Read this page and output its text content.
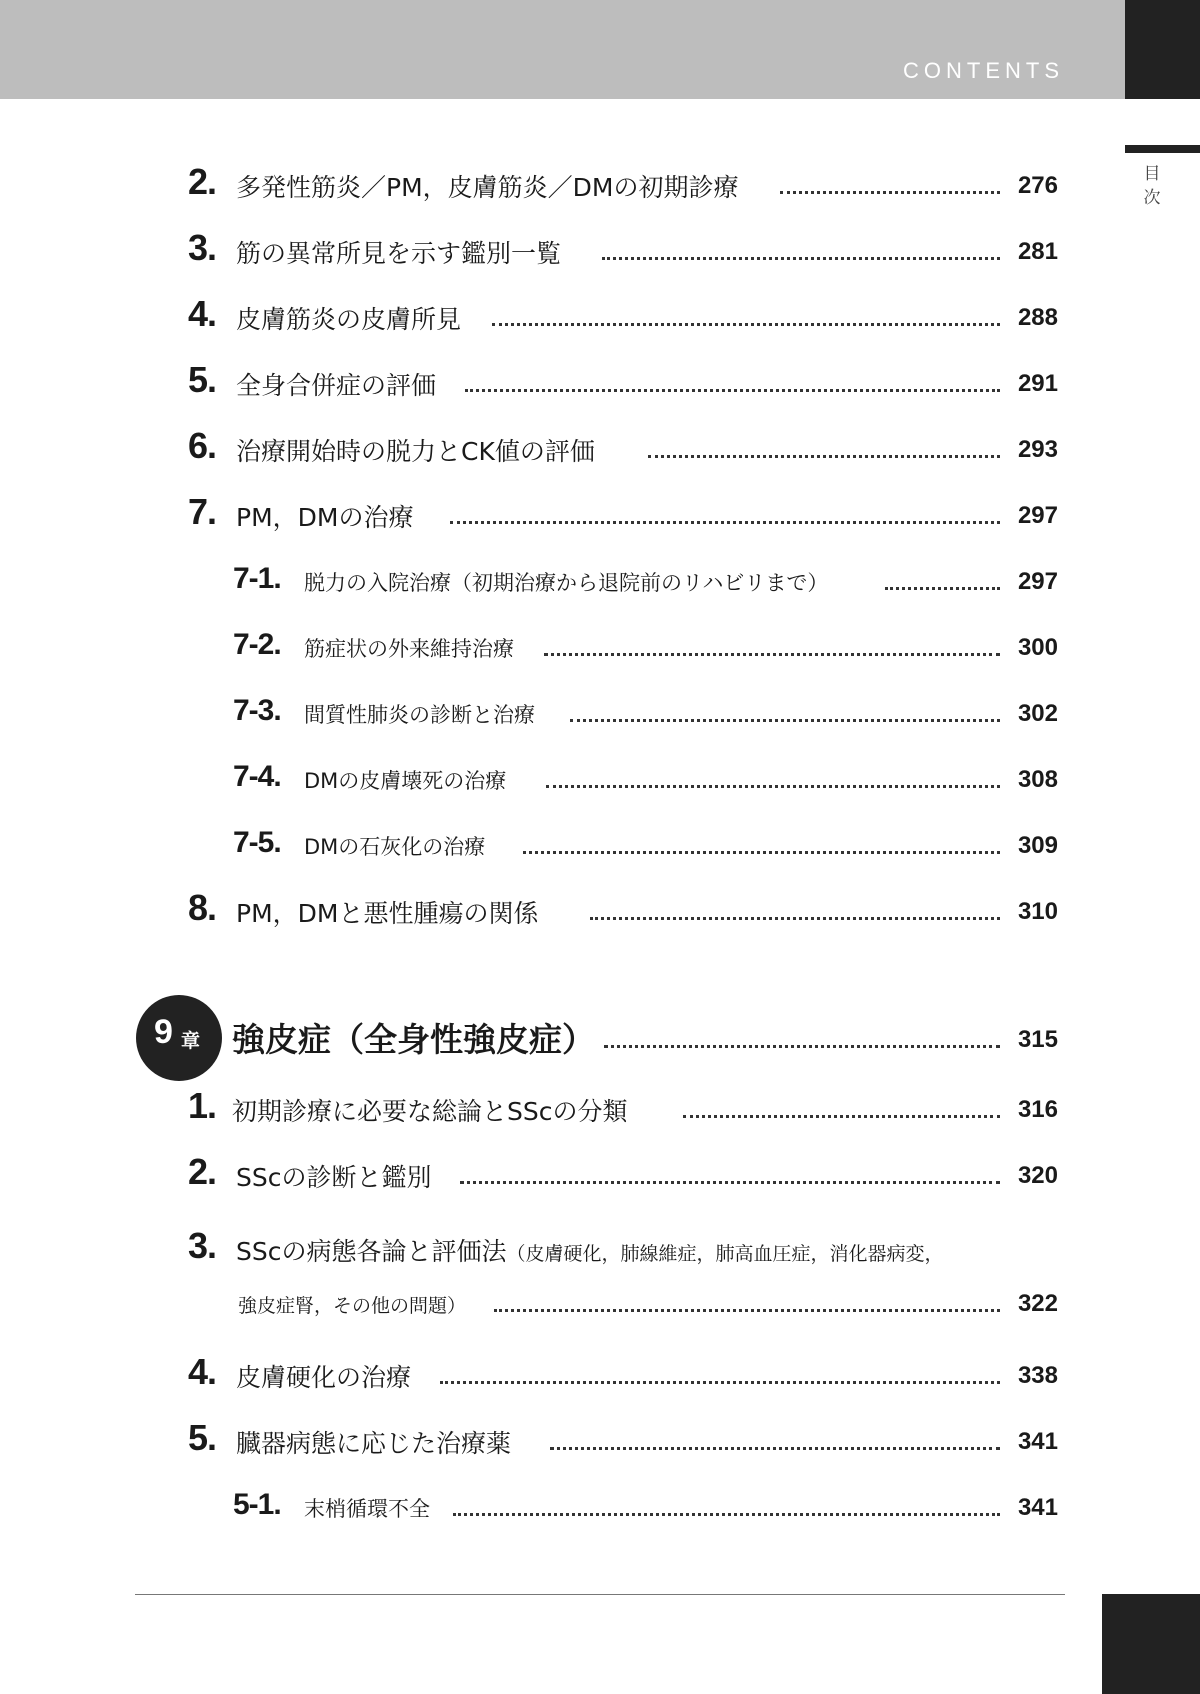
CONTENTS
目
次
2. 多発性筋炎／PM，皮膚筋炎／DMの初期診療	276
3. 筋の異常所見を示す鑑別一覧	281
4. 皮膚筋炎の皮膚所見	288
5. 全身合併症の評価	291
6. 治療開始時の脱力とCK値の評価	293
7. PM，DMの治療	297
7-1. 脱力の入院治療（初期治療から退院前のリハビリまで）	297
7-2. 筋症状の外来維持治療	300
7-3. 間質性肺炎の診断と治療	302
7-4. DMの皮膚壊死の治療	308
7-5. DMの石灰化の治療	309
8. PM，DMと悪性腫瘍の関係	310
9 章 強皮症（全身性強皮症）	315
1. 初期診療に必要な総論とSScの分類	316
2. SScの診断と鑑別	320
3. SScの病態各論と評価法（皮膚硬化，肺線維症，肺高血圧症，消化器病変，
強皮症腎，その他の問題）	322
4. 皮膚硬化の治療	338
5. 臓器病態に応じた治療薬	341
5-1. 末梢循環不全	341
